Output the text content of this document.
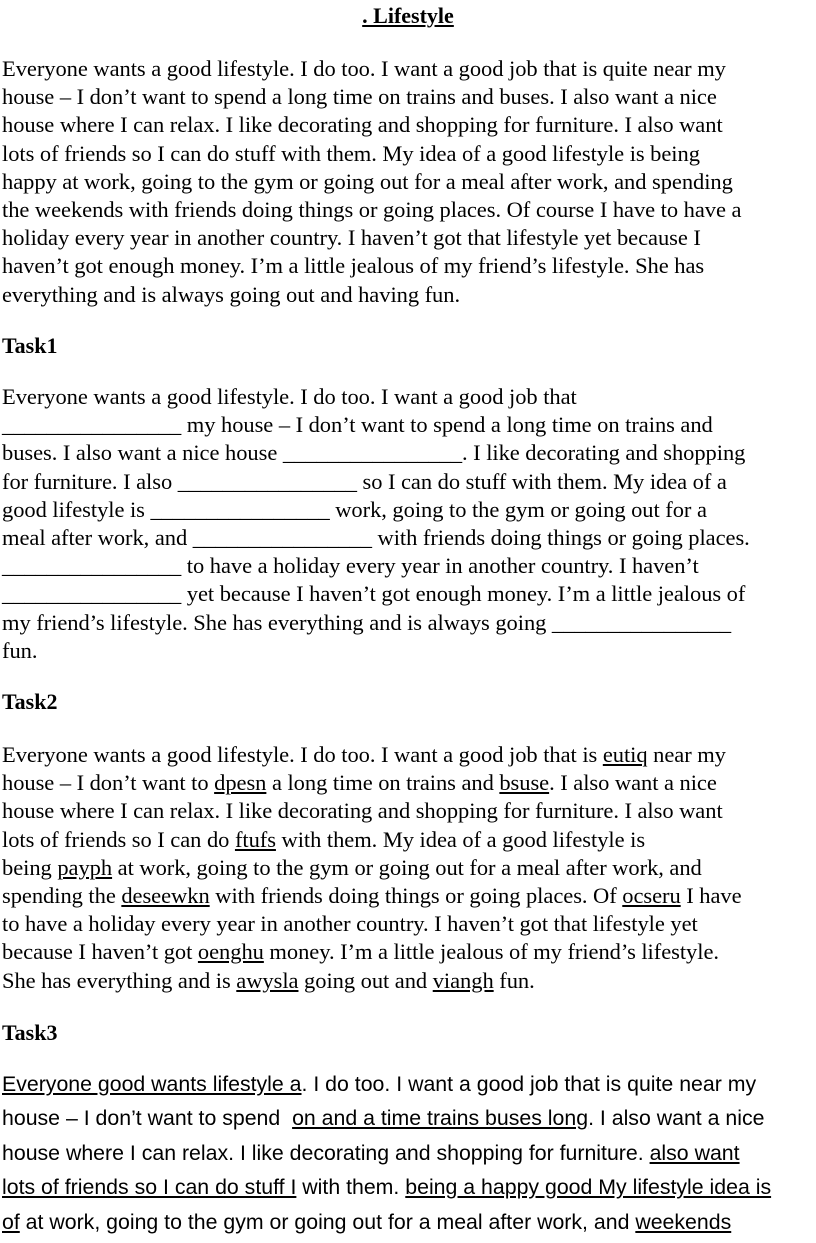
. Lifestyle
Everyone wants a good lifestyle. I do too. I want a good job that is quite near my
house – I don’t want to spend a long time on trains and buses. I also want a nice
house where I can relax. I like decorating and shopping for furniture. I also want
lots of friends so I can do stuff with them. My idea of a good lifestyle is being
happy at work, going to the gym or going out for a meal after work, and spending
the weekends with friends doing things or going places. Of course I have to have a
holiday every year in another country. I haven’t got that lifestyle yet because I
haven’t got enough money. I’m a little jealous of my friend’s lifestyle. She has
everything and is always going out and having fun.
Task1
Everyone wants a good lifestyle. I do too. I want a good job that
________________ my house – I don’t want to spend a long time on trains and
buses. I also want a nice house ________________. I like decorating and shopping
for furniture. I also ________________ so I can do stuff with them. My idea of a
good lifestyle is ________________ work, going to the gym or going out for a
meal after work, and ________________ with friends doing things or going places.
________________ to have a holiday every year in another country. I haven’t
________________ yet because I haven’t got enough money. I’m a little jealous of
my friend’s lifestyle. She has everything and is always going ________________
fun.
Task2
Everyone wants a good lifestyle. I do too. I want a good job that is eutiq near my
house – I don’t want to dpesn a long time on trains and bsuse. I also want a nice
house where I can relax. I like decorating and shopping for furniture. I also want
lots of friends so I can do ftufs with them. My idea of a good lifestyle is
being payph at work, going to the gym or going out for a meal after work, and
spending the deseewkn with friends doing things or going places. Of ocseru I have
to have a holiday every year in another country. I haven’t got that lifestyle yet
because I haven’t got oenghu money. I’m a little jealous of my friend’s lifestyle.
She has everything and is awysla going out and viangh fun.
Task3
Everyone good wants lifestyle a. I do too. I want a good job that is quite near my
house – I don’t want to spend  on and a time trains buses long. I also want a nice
house where I can relax. I like decorating and shopping for furniture. also want
lots of friends so I can do stuff I with them. being a happy good My lifestyle idea is
of at work, going to the gym or going out for a meal after work, and weekends
